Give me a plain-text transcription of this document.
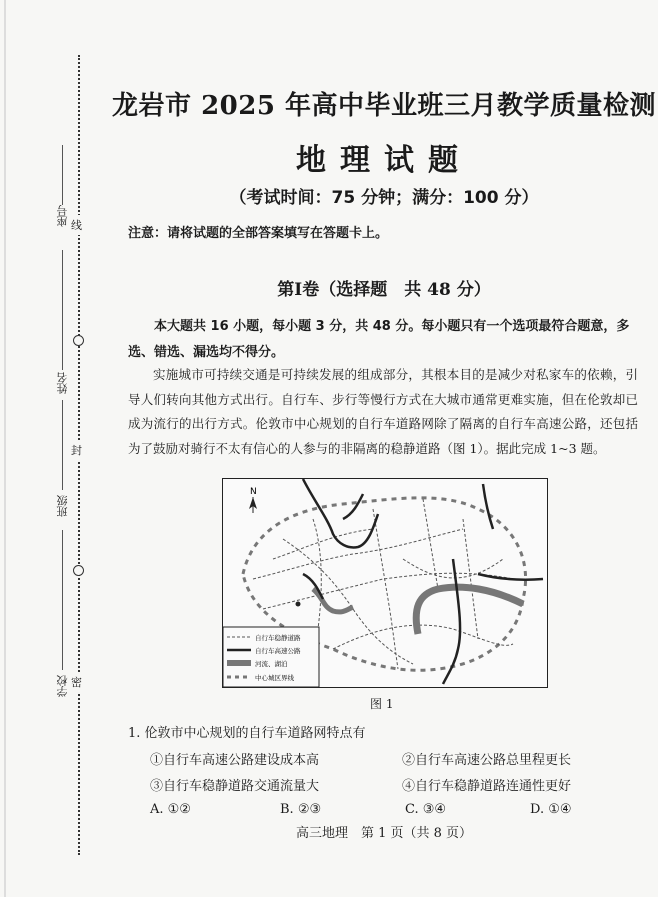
座号 线
姓名
封
班级
学校 密
龙岩市 2025 年高中毕业班三月教学质量检测
地理试题
（考试时间：75 分钟；满分：100 分）
注意：请将试题的全部答案填写在答题卡上。
第Ⅰ卷（选择题　共 48 分）
本大题共 16 小题，每小题 3 分，共 48 分。每小题只有一个选项最符合题意，多选、错选、漏选均不得分。
实施城市可持续交通是可持续发展的组成部分，其根本目的是减少对私家车的依赖，引导人们转向其他方式出行。自行车、步行等慢行方式在大城市通常更难实施，但在伦敦却已成为流行的出行方式。伦敦市中心规划的自行车道路网除了隔离的自行车高速公路，还包括为了鼓励对骑行不太有信心的人参与的非隔离的稳静道路（图 1）。据此完成 1~3 题。
N
自行车稳静道路
自行车高速公路
河流、湖泊
中心城区界线
图 1
1. 伦敦市中心规划的自行车道路网特点有
①自行车高速公路建设成本高	②自行车高速公路总里程更长
③自行车稳静道路交通流量大	④自行车稳静道路连通性更好
A. ①②	B. ②③	C. ③④	D. ①④
高三地理　第 1 页（共 8 页）
